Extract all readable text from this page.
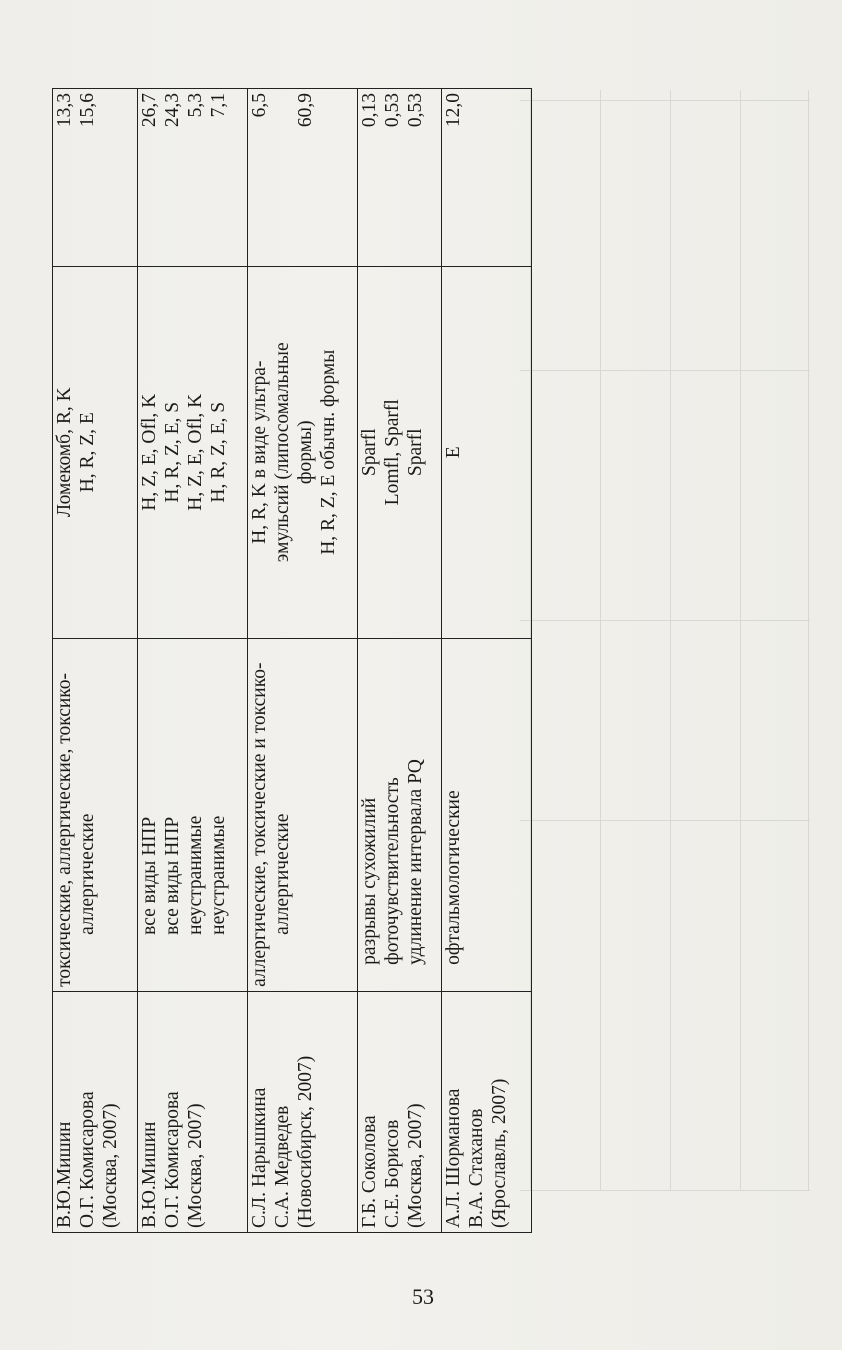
В.Ю.Мишин О.Г. Комисарова (Москва, 2007)	токсические, аллергические, токсико- аллергические	Ломекомб, R, K H, R, Z, E	13,3 15,6

В.Ю.Мишин О.Г. Комисарова (Москва, 2007)	все виды НПР все виды НПР неустранимые неустранимые	H, Z, E, Ofl, K H, R, Z, E, S H, Z, E, Ofl, K H, R, Z, E, S	26,7 24,3 5,3 7,1

С.Л. Нарышкина С.А. Медведев (Новосибирск, 2007)	аллергические, токсические и токсико- аллергические	H, R, K в виде ультра- эмульсий (липосомальные формы) H, R, Z, E обычн. формы	6,5 60,9

Г.Б. Соколова С.Е. Борисов (Москва, 2007)	разрывы сухожилий фоточувствительность удлинение интервала PQ	Sparfl Lomfl, Sparfl Sparfl	0,13 0,53 0,53

А.Л. Шорманова В.А. Стаханов (Ярославль, 2007)	офтальмологические	E	12,0
53
